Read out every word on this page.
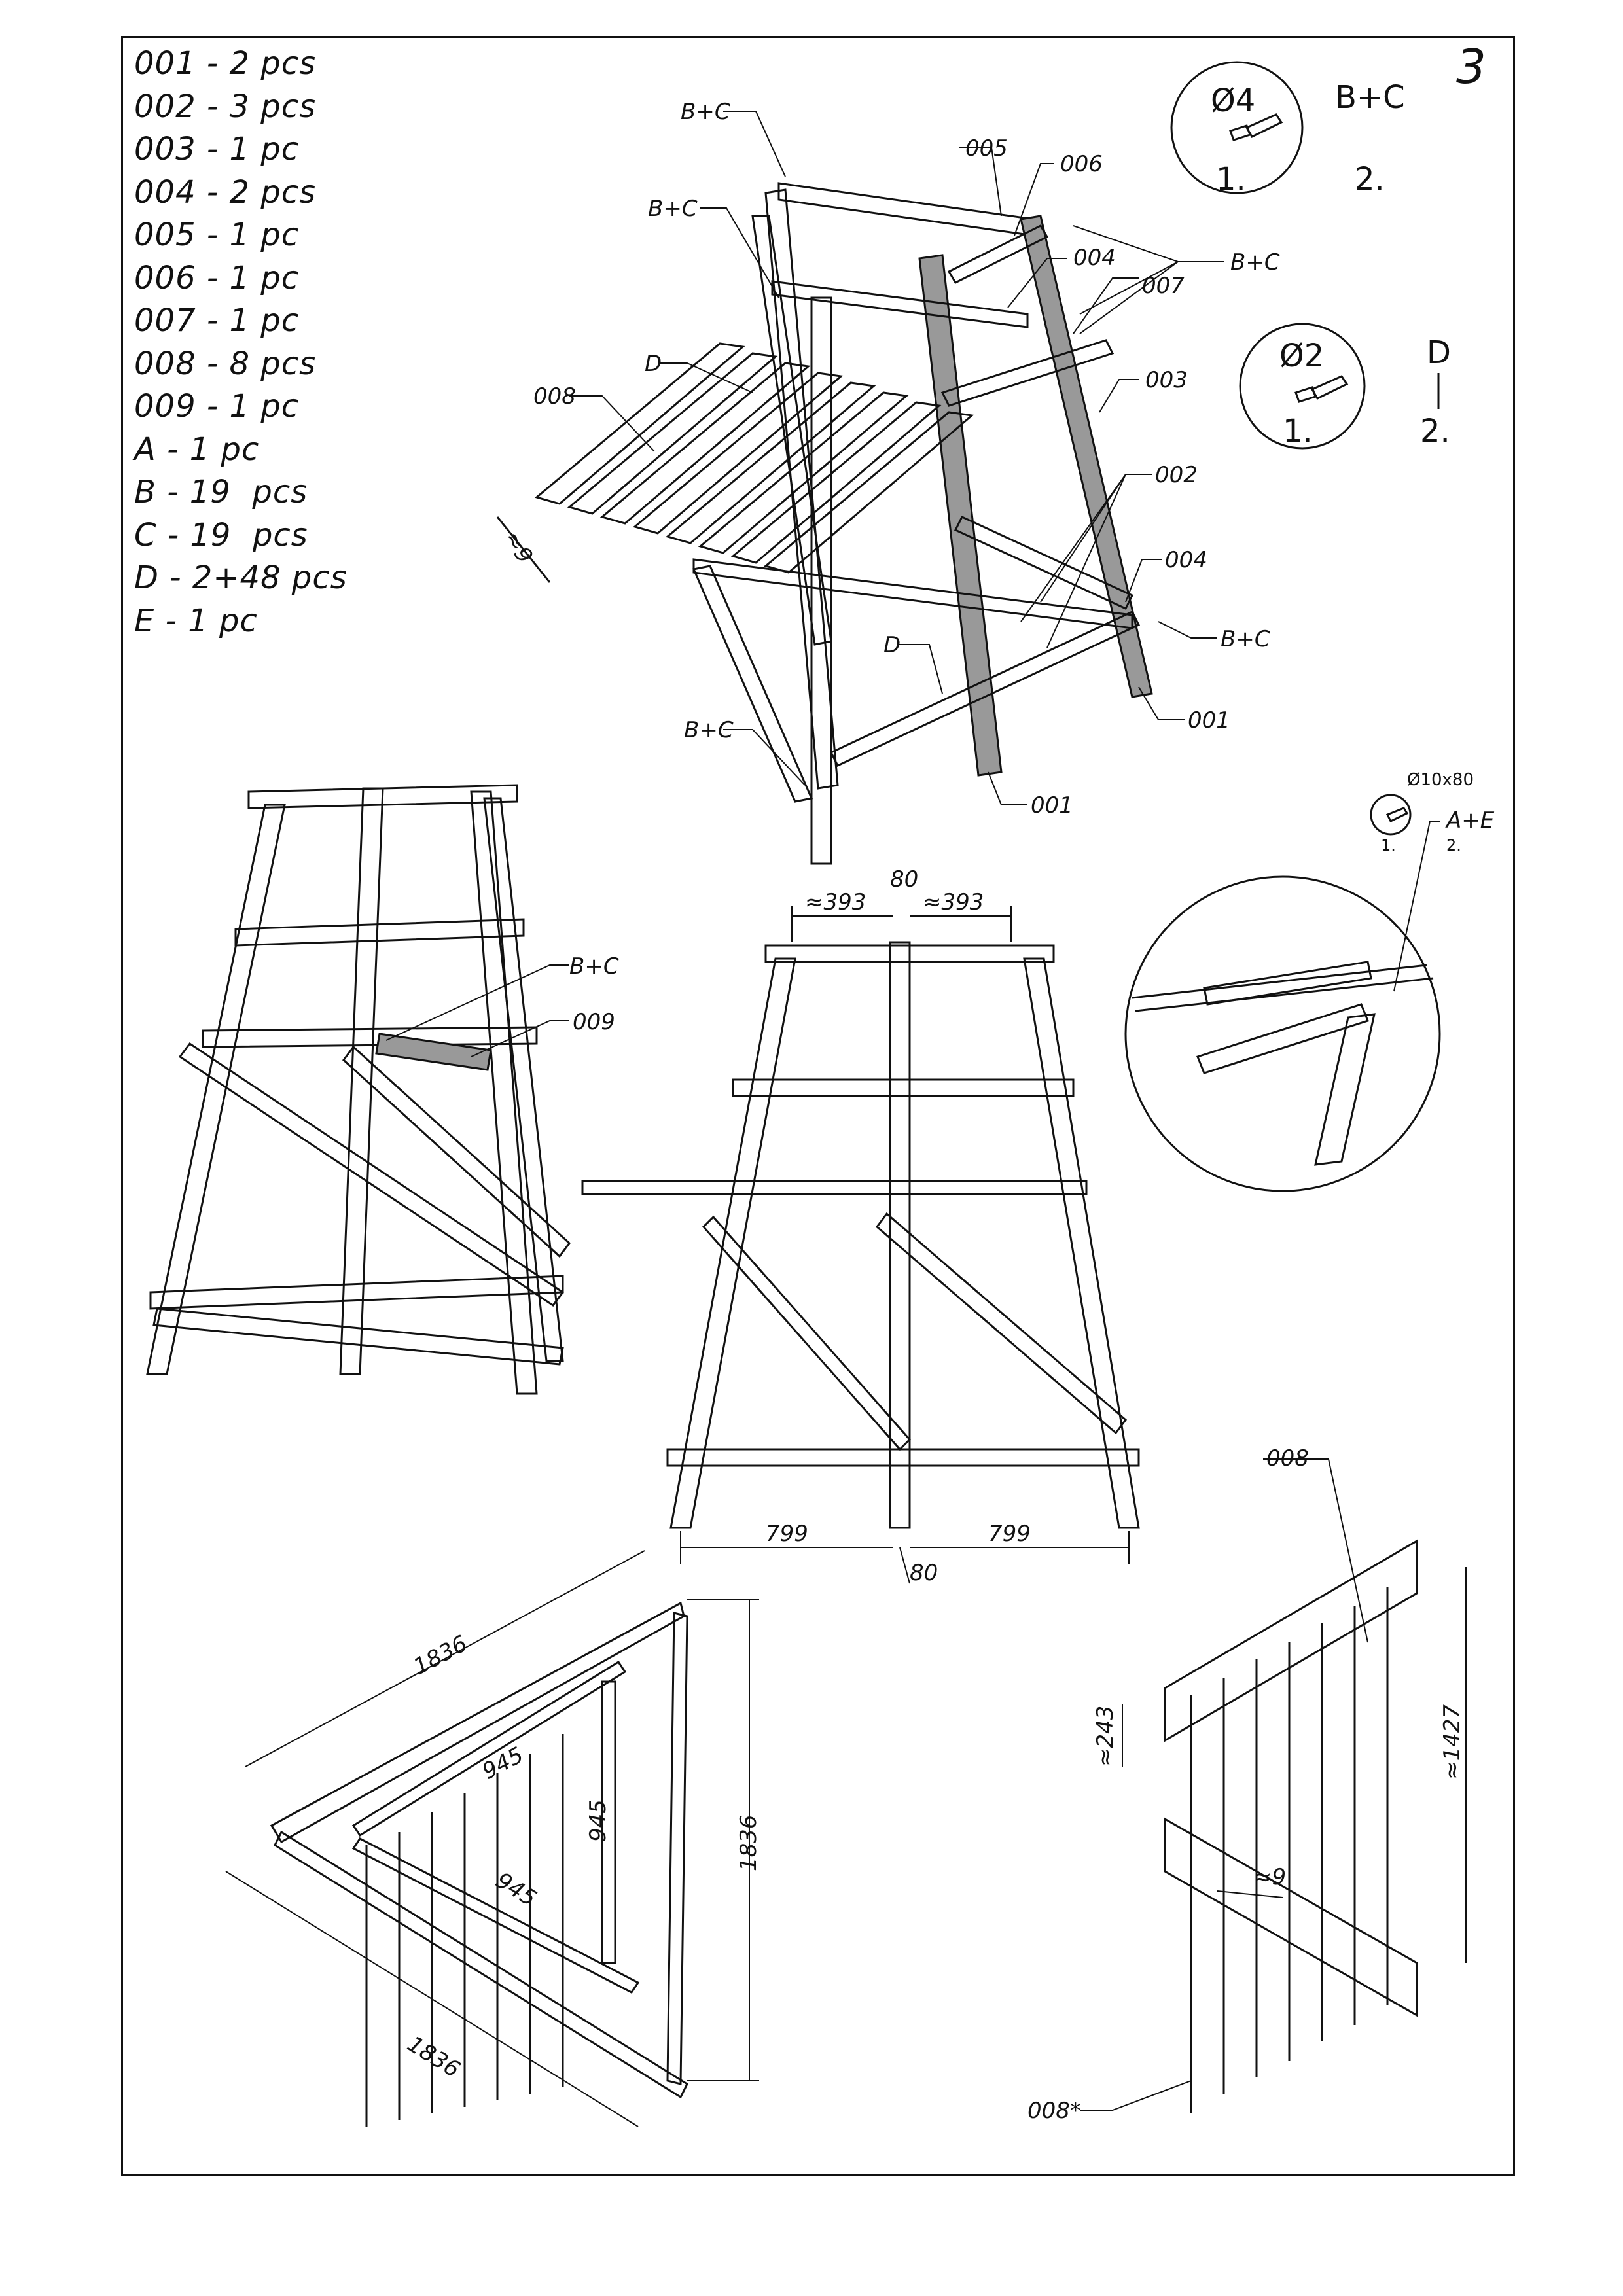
3
001 - 2 pcs
002 - 3 pcs
003 - 1 pc
004 - 2 pcs
005 - 1 pc
006 - 1 pc
007 - 1 pc
008 - 8 pcs
009 - 1 pc
A - 1 pc
B - 19  pcs
C - 19  pcs
D - 2+48 pcs
E - 1 pc
Ø4
1.
B+C
2.
Ø2
1.
D
2.
≈9
B+C
005
006
B+C
004
007
B+C
D
003
008
002
004
B+C
D
001
B+C
001
B+C
009
≈393
80
≈393
799	799
80
Ø10x80
1.	2.
A+E
1836
1836
1836
945
945
945
008
008*
≈243	≈1427
≈9
